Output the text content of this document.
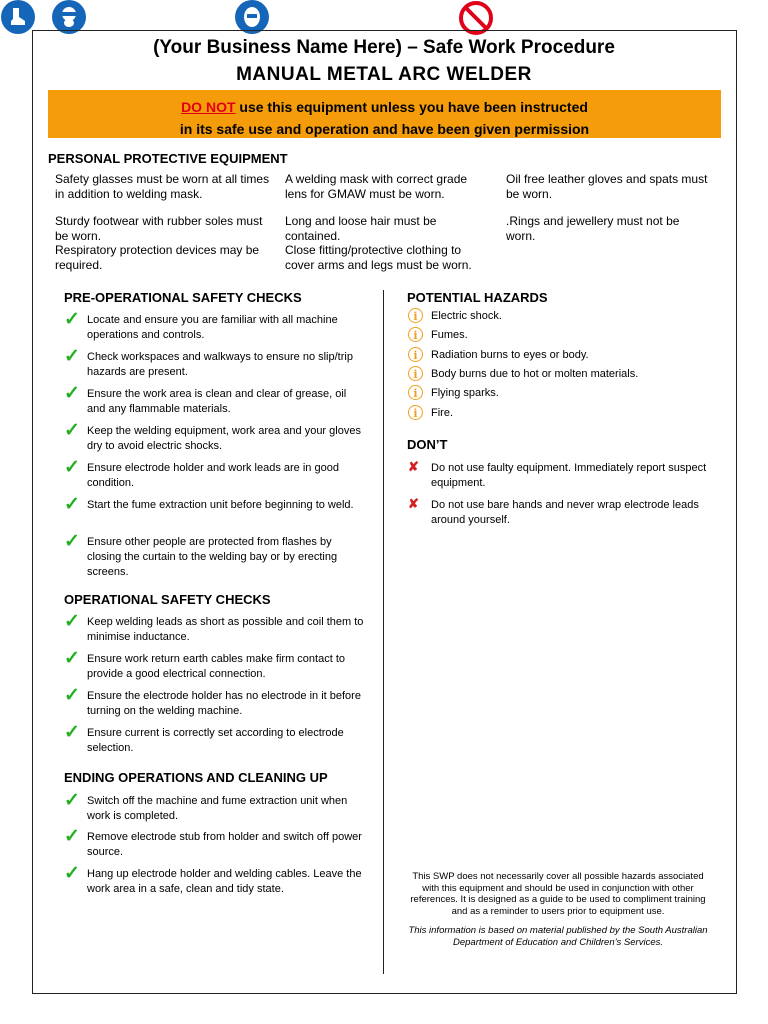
(Your Business Name Here) – Safe Work Procedure
MANUAL METAL ARC WELDER
DO NOT use this equipment unless you have been instructed
in its safe use and operation and have been given permission
PERSONAL PROTECTIVE EQUIPMENT

Safety glasses must be worn at all times in addition to welding mask.

Sturdy footwear with rubber soles must be worn.

Respiratory protection devices may be required.

A welding mask with correct grade lens for GMAW must be worn.

Long and loose hair must be contained.

Close fitting/protective clothing to cover arms and legs must be worn.

Oil free leather gloves and spats must be worn.

.Rings and jewellery must not be worn.

PRE-OPERATIONAL SAFETY CHECKS
✓ Locate and ensure you are familiar with all machine operations and controls.
✓ Check workspaces and walkways to ensure no slip/trip hazards are present.
✓ Ensure the work area is clean and clear of grease, oil and any flammable materials.
✓ Keep the welding equipment, work area and your gloves dry to avoid electric shocks.
✓ Ensure electrode holder and work leads are in good condition.
✓ Start the fume extraction unit before beginning to weld.
✓ Ensure other people are protected from flashes by closing the curtain to the welding bay or by erecting screens.
OPERATIONAL SAFETY CHECKS
✓ Keep welding leads as short as possible and coil them to minimise inductance.
✓ Ensure work return earth cables make firm contact to provide a good electrical connection.
✓ Ensure the electrode holder has no electrode in it before turning on the welding machine.
✓ Ensure current is correctly set according to electrode selection.
ENDING OPERATIONS AND CLEANING UP
✓ Switch off the machine and fume extraction unit when work is completed.
✓ Remove electrode stub from holder and switch off power source.
✓ Hang up electrode holder and welding cables. Leave the work area in a safe, clean and tidy state.
POTENTIAL HAZARDS
i	Electric shock.
i	Fumes.
i	Radiation burns to eyes or body.
i	Body burns due to hot or molten materials.
i	Flying sparks.
i	Fire.
DON’T
✘ Do not use faulty equipment. Immediately report suspect equipment.
✘ Do not use bare hands and never wrap electrode leads around yourself.

This SWP does not necessarily cover all possible hazards associated with this equipment and should be used in conjunction with other references. It is designed as a guide to be used to compliment training and as a reminder to users prior to equipment use.

This information is based on material published by the South Australian Department of Education and Children’s Services.
